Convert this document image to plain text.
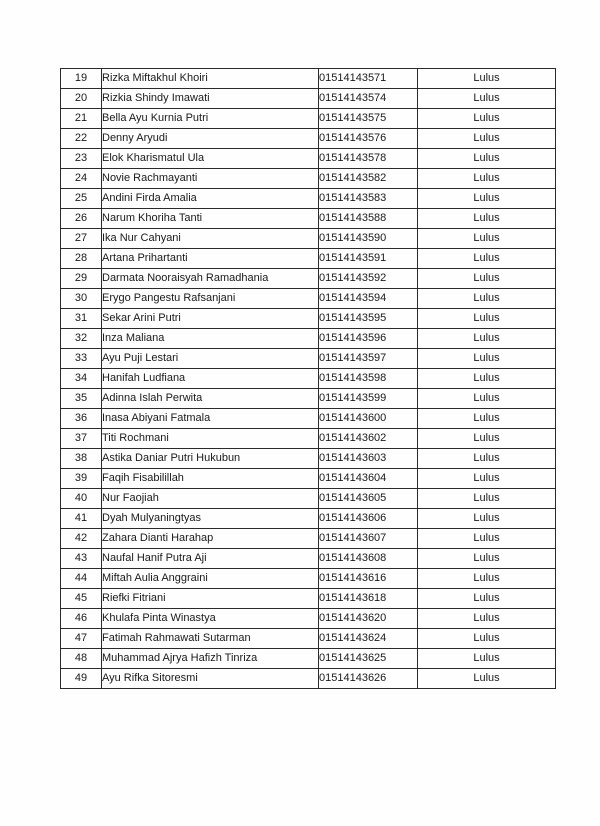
19	Rizka Miftakhul Khoiri	01514143571	Lulus
20	Rizkia Shindy Imawati	01514143574	Lulus
21	Bella Ayu Kurnia Putri	01514143575	Lulus
22	Denny Aryudi	01514143576	Lulus
23	Elok Kharismatul Ula	01514143578	Lulus
24	Novie Rachmayanti	01514143582	Lulus
25	Andini Firda Amalia	01514143583	Lulus
26	Narum Khoriha Tanti	01514143588	Lulus
27	Ika Nur Cahyani	01514143590	Lulus
28	Artana Prihartanti	01514143591	Lulus
29	Darmata Nooraisyah Ramadhania	01514143592	Lulus
30	Erygo Pangestu Rafsanjani	01514143594	Lulus
31	Sekar Arini Putri	01514143595	Lulus
32	Inza Maliana	01514143596	Lulus
33	Ayu Puji Lestari	01514143597	Lulus
34	Hanifah Ludfiana	01514143598	Lulus
35	Adinna Islah Perwita	01514143599	Lulus
36	Inasa Abiyani Fatmala	01514143600	Lulus
37	Titi Rochmani	01514143602	Lulus
38	Astika Daniar Putri Hukubun	01514143603	Lulus
39	Faqih Fisabilillah	01514143604	Lulus
40	Nur Faojiah	01514143605	Lulus
41	Dyah Mulyaningtyas	01514143606	Lulus
42	Zahara Dianti Harahap	01514143607	Lulus
43	Naufal Hanif Putra Aji	01514143608	Lulus
44	Miftah Aulia Anggraini	01514143616	Lulus
45	Riefki Fitriani	01514143618	Lulus
46	Khulafa Pinta Winastya	01514143620	Lulus
47	Fatimah Rahmawati Sutarman	01514143624	Lulus
48	Muhammad Ajrya Hafizh Tinriza	01514143625	Lulus
49	Ayu Rifka Sitoresmi	01514143626	Lulus
